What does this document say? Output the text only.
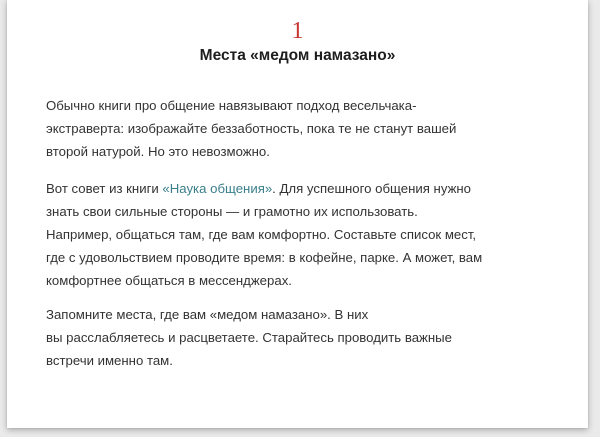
1
Места «медом намазано»
Обычно книги про общение навязывают подход весельчака-
экстраверта: изображайте беззаботность, пока те не станут вашей
второй натурой. Но это невозможно.
Вот совет из книги «Наука общения». Для успешного общения нужно
знать свои сильные стороны — и грамотно их использовать.
Например, общаться там, где вам комфортно. Составьте список мест,
где с удовольствием проводите время: в кофейне, парке. А может, вам
комфортнее общаться в мессенджерах.
Запомните места, где вам «медом намазано». В них
вы расслабляетесь и расцветаете. Старайтесь проводить важные
встречи именно там.
